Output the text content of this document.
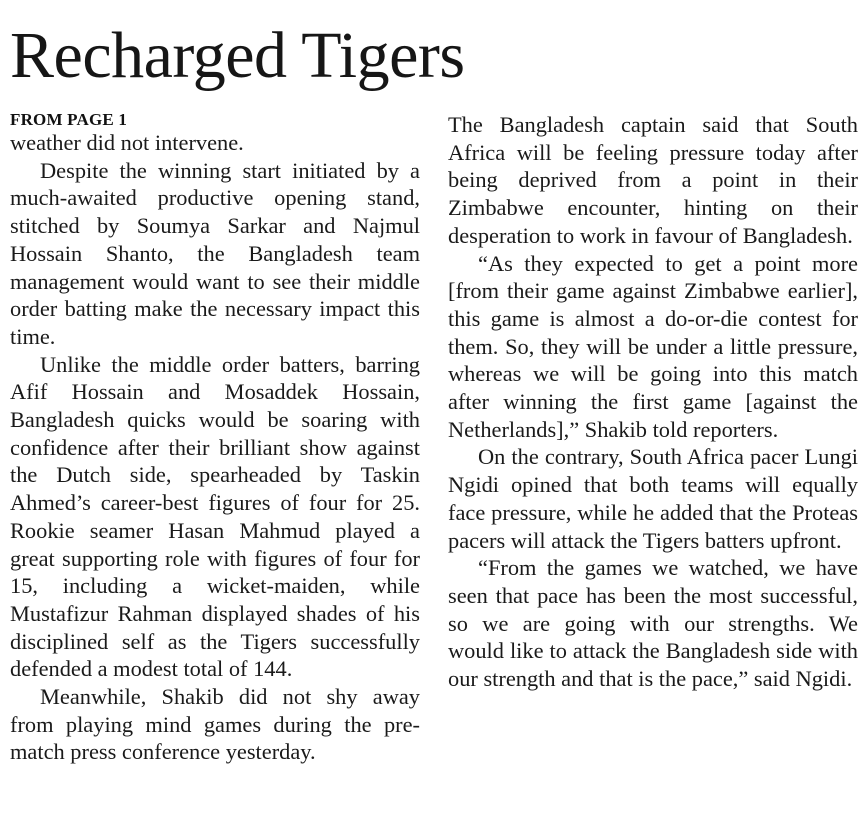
Recharged Tigers

FROM PAGE 1

weather did not intervene.

Despite the winning start initiated by a much-awaited productive opening stand, stitched by Soumya Sarkar and Najmul Hossain Shanto, the Bangladesh team management would want to see their middle order batting make the necessary impact this time.

Unlike the middle order batters, barring Afif Hossain and Mosaddek Hossain, Bangladesh quicks would be soaring with confidence after their brilliant show against the Dutch side, spearheaded by Taskin Ahmed’s career-best figures of four for 25. Rookie seamer Hasan Mahmud played a great supporting role with figures of four for 15, including a wicket-maiden, while Mustafizur Rahman displayed shades of his disciplined self as the Tigers successfully defended a modest total of 144.

Meanwhile, Shakib did not shy away from playing mind games during the pre-match press conference yesterday.

The Bangladesh captain said that South Africa will be feeling pressure today after being deprived from a point in their Zimbabwe encounter, hinting on their desperation to work in favour of Bangladesh.

“As they expected to get a point more [from their game against Zimbabwe earlier], this game is almost a do-or-die contest for them. So, they will be under a little pressure, whereas we will be going into this match after winning the first game [against the Netherlands],” Shakib told reporters.

On the contrary, South Africa pacer Lungi Ngidi opined that both teams will equally face pressure, while he added that the Proteas pacers will attack the Tigers batters upfront.

“From the games we watched, we have seen that pace has been the most successful, so we are going with our strengths. We would like to attack the Bangladesh side with our strength and that is the pace,” said Ngidi.
